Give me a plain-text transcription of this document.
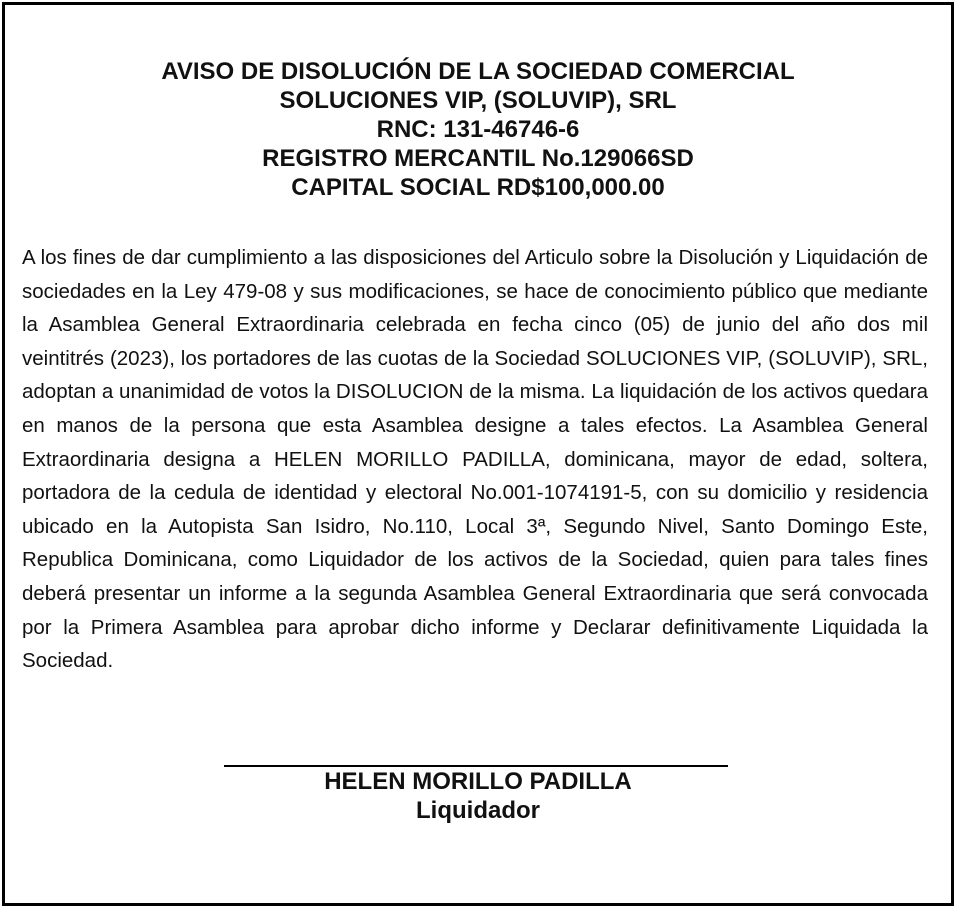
AVISO DE DISOLUCIÓN DE LA SOCIEDAD COMERCIAL
SOLUCIONES VIP, (SOLUVIP), SRL
RNC: 131-46746-6
REGISTRO MERCANTIL No.129066SD
CAPITAL SOCIAL RD$100,000.00

A los fines de dar cumplimiento a las disposiciones del Articulo sobre la Disolución y Liquidación de sociedades en la Ley 479-08 y sus modificaciones, se hace de conocimiento público que mediante la Asamblea General Extraordinaria celebrada en fecha cinco (05) de junio del año dos mil veintitrés (2023), los portadores de las cuotas de la Sociedad SOLUCIONES VIP, (SOLUVIP), SRL, adoptan a unanimidad de votos la DISOLUCION de la misma. La liquidación de los activos quedara en manos de la persona que esta Asamblea designe a tales efectos. La Asamblea General Extraordinaria designa a HELEN MORILLO PADILLA, dominicana, mayor de edad, soltera, portadora de la cedula de identidad y electoral No.001-1074191-5, con su domicilio y residencia ubicado en la Autopista San Isidro, No.110, Local 3ª, Segundo Nivel, Santo Domingo Este, Republica Dominicana, como Liquidador de los activos de la Sociedad, quien para tales fines deberá presentar un informe a la segunda Asamblea General Extraordinaria que será convocada por la Primera Asamblea para aprobar dicho informe y Declarar definitivamente Liquidada la Sociedad.

HELEN MORILLO PADILLA
Liquidador
